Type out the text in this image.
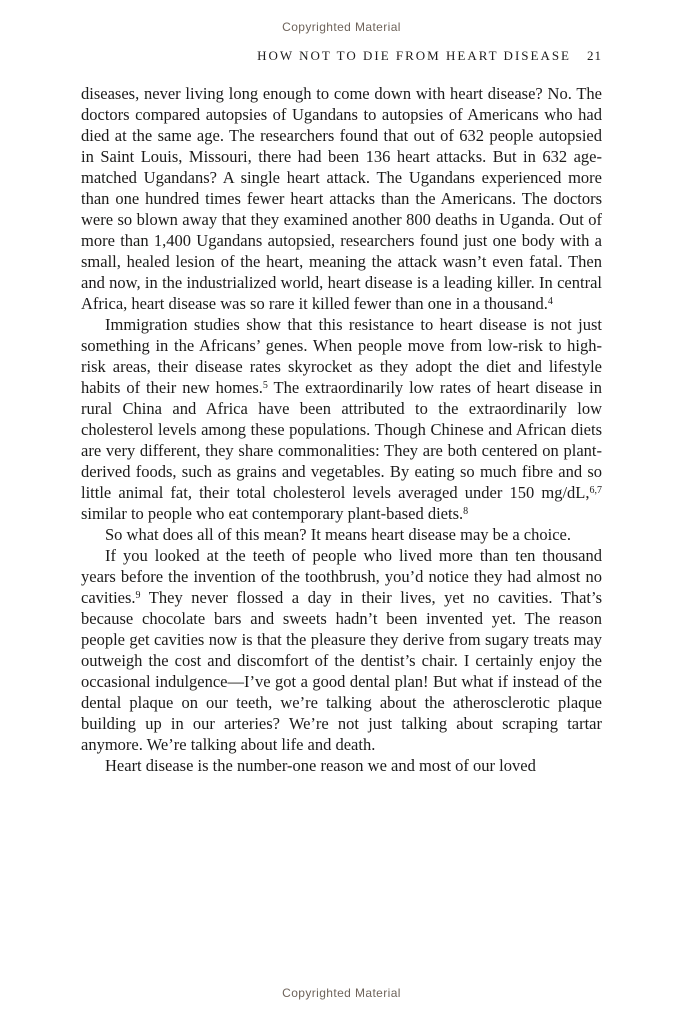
Copyrighted Material
HOW NOT TO DIE FROM HEART DISEASE 21

diseases, never living long enough to come down with heart disease? No. The doctors compared autopsies of Ugandans to autopsies of Americans who had died at the same age. The researchers found that out of 632 people autopsied in Saint Louis, Missouri, there had been 136 heart attacks. But in 632 age-matched Ugandans? A single heart attack. The Ugandans experienced more than one hundred times fewer heart attacks than the Americans. The doctors were so blown away that they examined another 800 deaths in Uganda. Out of more than 1,400 Ugandans autopsied, researchers found just one body with a small, healed lesion of the heart, meaning the attack wasn’t even fatal. Then and now, in the industrialized world, heart disease is a leading killer. In central Africa, heart disease was so rare it killed fewer than one in a thousand.$^4$

Immigration studies show that this resistance to heart disease is not just something in the Africans’ genes. When people move from low-risk to high-risk areas, their disease rates skyrocket as they adopt the diet and lifestyle habits of their new homes.$^5$ The extraordinarily low rates of heart disease in rural China and Africa have been attributed to the extraordinarily low cholesterol levels among these populations. Though Chinese and African diets are very different, they share commonalities: They are both centered on plant-derived foods, such as grains and vegetables. By eating so much fibre and so little animal fat, their total cholesterol levels averaged under 150 mg/dL,$^{6,7}$ similar to people who eat contemporary plant-based diets.$^8$

So what does all of this mean? It means heart disease may be a choice.

If you looked at the teeth of people who lived more than ten thousand years before the invention of the toothbrush, you’d notice they had almost no cavities.$^9$ They never flossed a day in their lives, yet no cavities. That’s because chocolate bars and sweets hadn’t been invented yet. The reason people get cavities now is that the pleasure they derive from sugary treats may outweigh the cost and discomfort of the dentist’s chair. I certainly enjoy the occasional indulgence—I’ve got a good dental plan! But what if instead of the dental plaque on our teeth, we’re talking about the atherosclerotic plaque building up in our arteries? We’re not just talking about scraping tartar anymore. We’re talking about life and death.

Heart disease is the number-one reason we and most of our loved

Copyrighted Material
